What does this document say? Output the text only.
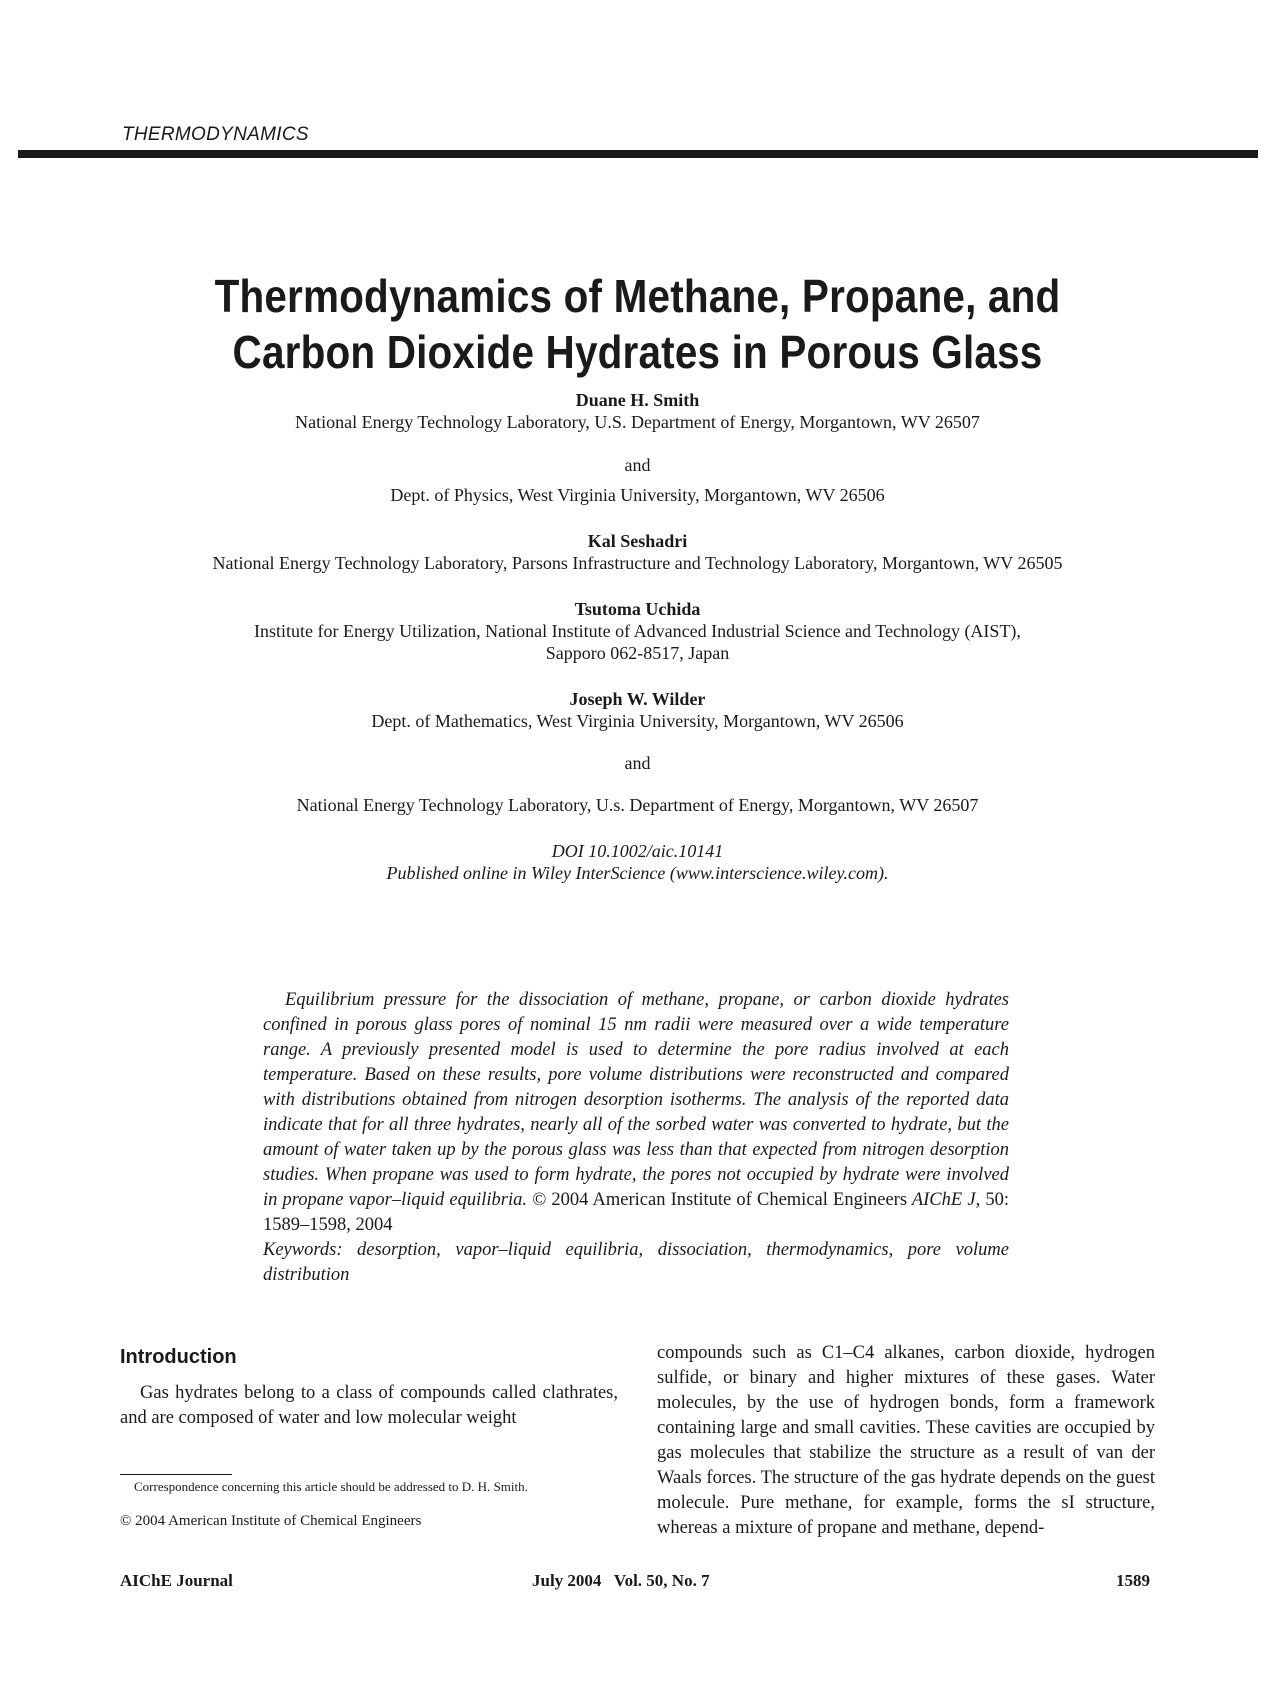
THERMODYNAMICS
Thermodynamics of Methane, Propane, and
Carbon Dioxide Hydrates in Porous Glass
Duane H. Smith
National Energy Technology Laboratory, U.S. Department of Energy, Morgantown, WV 26507
and
Dept. of Physics, West Virginia University, Morgantown, WV 26506
Kal Seshadri
National Energy Technology Laboratory, Parsons Infrastructure and Technology Laboratory, Morgantown, WV 26505
Tsutoma Uchida
Institute for Energy Utilization, National Institute of Advanced Industrial Science and Technology (AIST),
Sapporo 062-8517, Japan
Joseph W. Wilder
Dept. of Mathematics, West Virginia University, Morgantown, WV 26506
and
National Energy Technology Laboratory, U.s. Department of Energy, Morgantown, WV 26507
DOI 10.1002/aic.10141
Published online in Wiley InterScience (www.interscience.wiley.com).

Equilibrium pressure for the dissociation of methane, propane, or carbon dioxide hydrates confined in porous glass pores of nominal 15 nm radii were measured over a wide temperature range. A previously presented model is used to determine the pore radius involved at each temperature. Based on these results, pore volume distributions were reconstructed and compared with distributions obtained from nitrogen desorption isotherms. The analysis of the reported data indicate that for all three hydrates, nearly all of the sorbed water was converted to hydrate, but the amount of water taken up by the porous glass was less than that expected from nitrogen desorption studies. When propane was used to form hydrate, the pores not occupied by hydrate were involved in propane vapor–liquid equilibria. © 2004 American Institute of Chemical Engineers AIChE J, 50: 1589–1598, 2004

Keywords: desorption, vapor–liquid equilibria, dissociation, thermodynamics, pore volume distribution

Introduction

Gas hydrates belong to a class of compounds called clathrates, and are composed of water and low molecular weight

compounds such as C1–C4 alkanes, carbon dioxide, hydrogen sulfide, or binary and higher mixtures of these gases. Water molecules, by the use of hydrogen bonds, form a framework containing large and small cavities. These cavities are occupied by gas molecules that stabilize the structure as a result of van der Waals forces. The structure of the gas hydrate depends on the guest molecule. Pure methane, for example, forms the sI structure, whereas a mixture of propane and methane, depend-

Correspondence concerning this article should be addressed to D. H. Smith.
© 2004 American Institute of Chemical Engineers
AIChE Journal	July 2004   Vol. 50, No. 7	1589
